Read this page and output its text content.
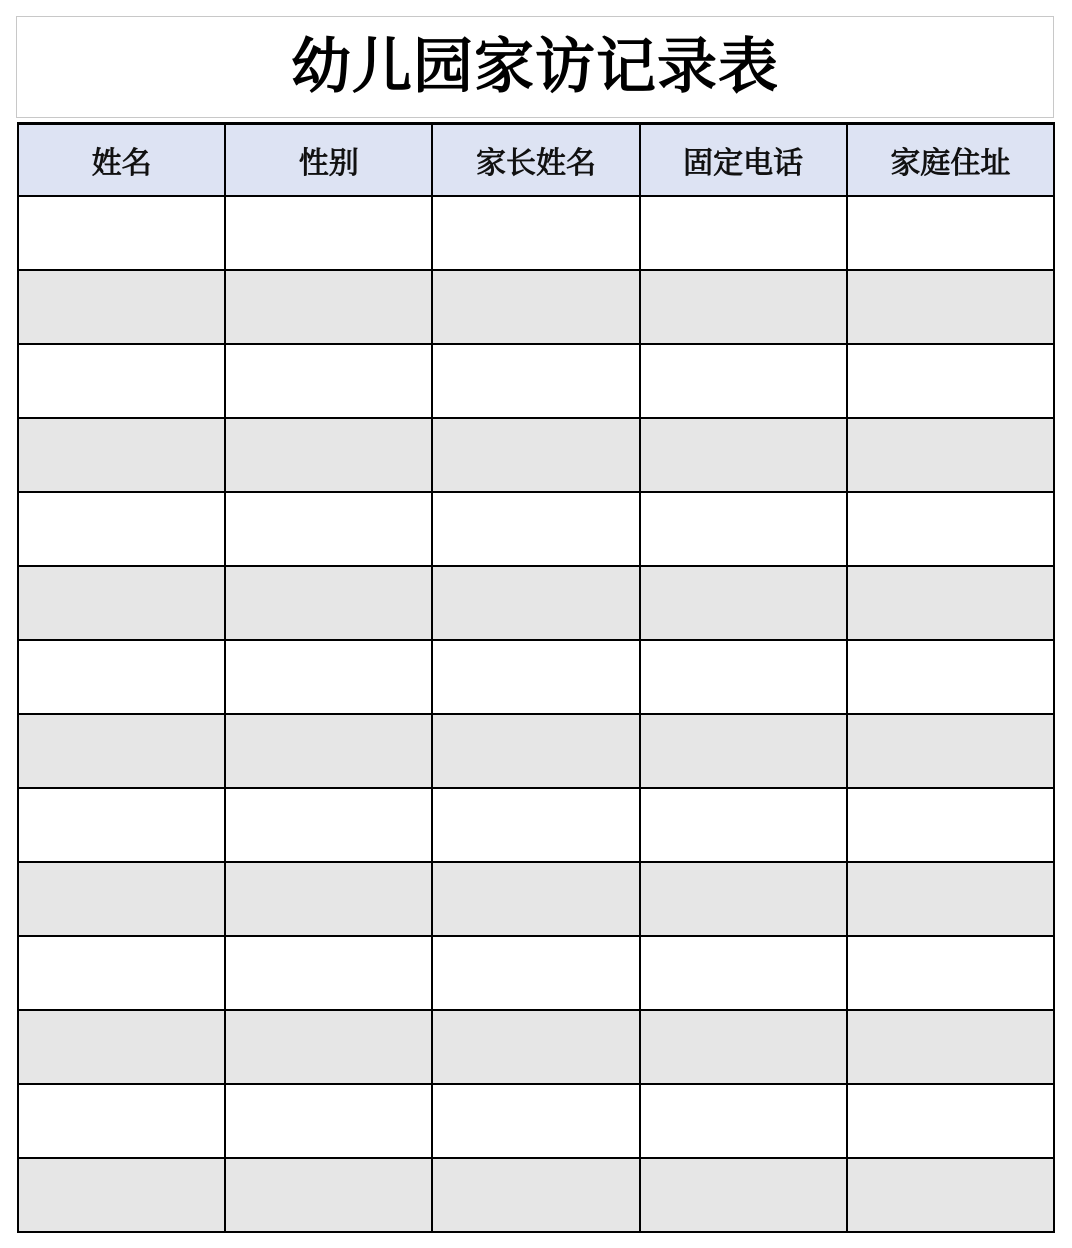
幼儿园家访记录表
姓名	性别	家长姓名	固定电话	家庭住址
